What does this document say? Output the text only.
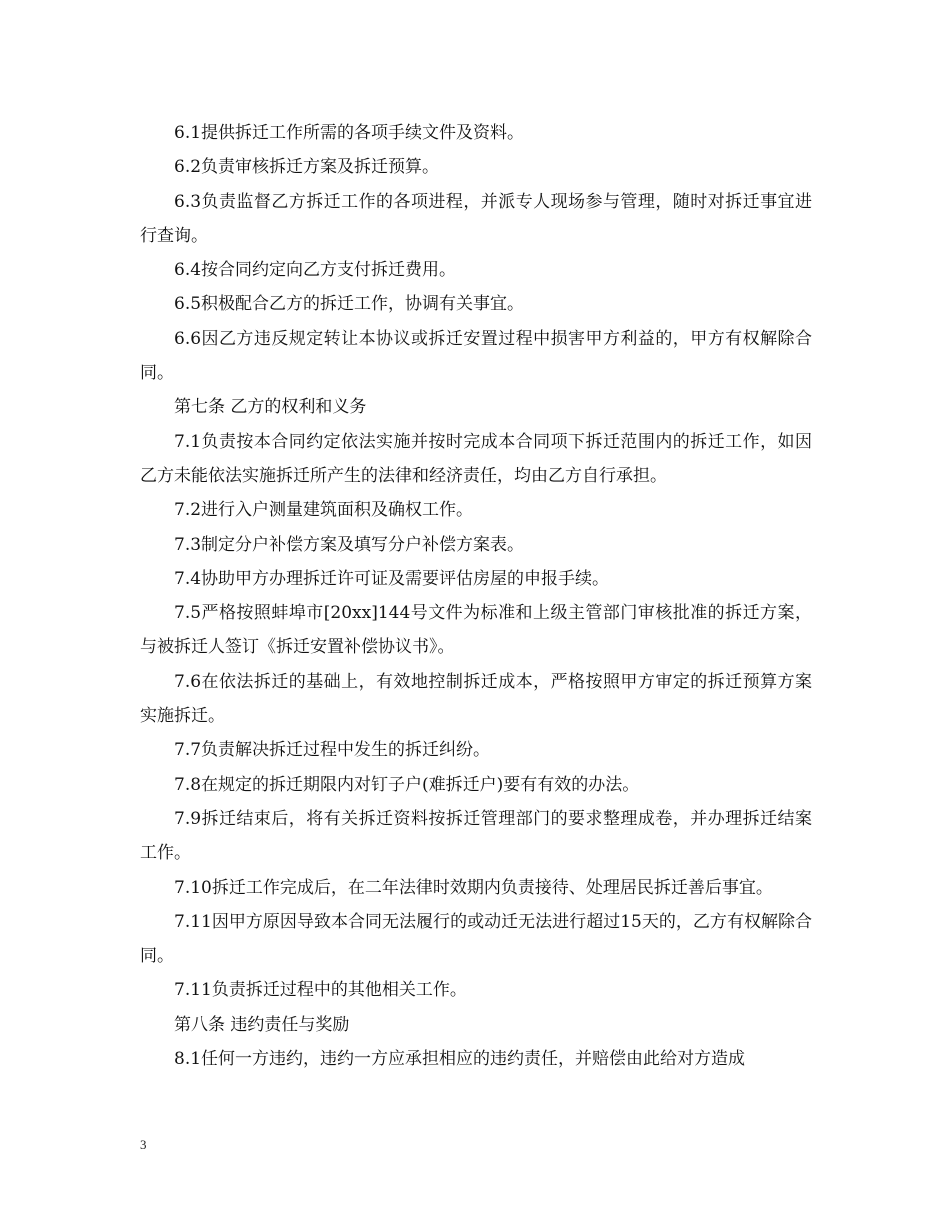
6.1提供拆迁工作所需的各项手续文件及资料。

6.2负责审核拆迁方案及拆迁预算。

6.3负责监督乙方拆迁工作的各项进程，并派专人现场参与管理，随时对拆迁事宜进行查询。

6.4按合同约定向乙方支付拆迁费用。

6.5积极配合乙方的拆迁工作，协调有关事宜。

6.6因乙方违反规定转让本协议或拆迁安置过程中损害甲方利益的，甲方有权解除合同。

第七条 乙方的权利和义务

7.1负责按本合同约定依法实施并按时完成本合同项下拆迁范围内的拆迁工作，如因乙方未能依法实施拆迁所产生的法律和经济责任，均由乙方自行承担。

7.2进行入户测量建筑面积及确权工作。

7.3制定分户补偿方案及填写分户补偿方案表。

7.4协助甲方办理拆迁许可证及需要评估房屋的申报手续。

7.5严格按照蚌埠市[20xx]144号文件为标准和上级主管部门审核批准的拆迁方案，与被拆迁人签订《拆迁安置补偿协议书》。

7.6在依法拆迁的基础上，有效地控制拆迁成本，严格按照甲方审定的拆迁预算方案实施拆迁。

7.7负责解决拆迁过程中发生的拆迁纠纷。

7.8在规定的拆迁期限内对钉子户(难拆迁户)要有有效的办法。

7.9拆迁结束后，将有关拆迁资料按拆迁管理部门的要求整理成卷，并办理拆迁结案工作。

7.10拆迁工作完成后，在二年法律时效期内负责接待、处理居民拆迁善后事宜。

7.11因甲方原因导致本合同无法履行的或动迁无法进行超过15天的，乙方有权解除合同。

7.11负责拆迁过程中的其他相关工作。

第八条 违约责任与奖励

8.1任何一方违约，违约一方应承担相应的违约责任，并赔偿由此给对方造成

3
